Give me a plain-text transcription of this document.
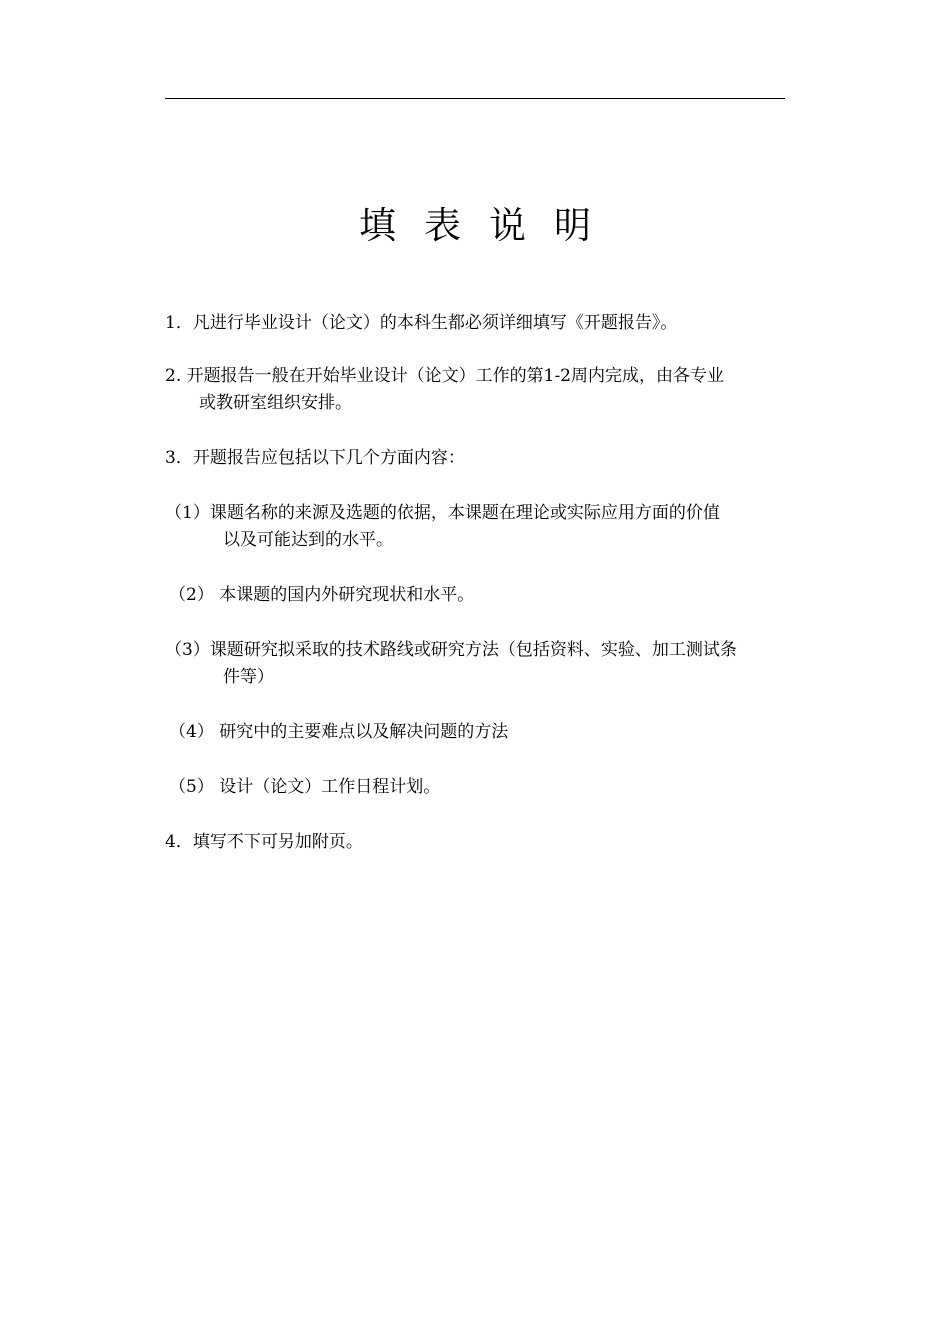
填表说明

1．凡进行毕业设计（论文）的本科生都必须详细填写《开题报告》。

2. 开题报告一般在开始毕业设计（论文）工作的第1-2周内完成，由各专业
或教研室组织安排。

3．开题报告应包括以下几个方面内容：

（1）课题名称的来源及选题的依据，本课题在理论或实际应用方面的价值
以及可能达到的水平。

（2） 本课题的国内外研究现状和水平。

（3）课题研究拟采取的技术路线或研究方法（包括资料、实验、加工测试条
件等）

（4） 研究中的主要难点以及解决问题的方法

（5） 设计（论文）工作日程计划。

4．填写不下可另加附页。
